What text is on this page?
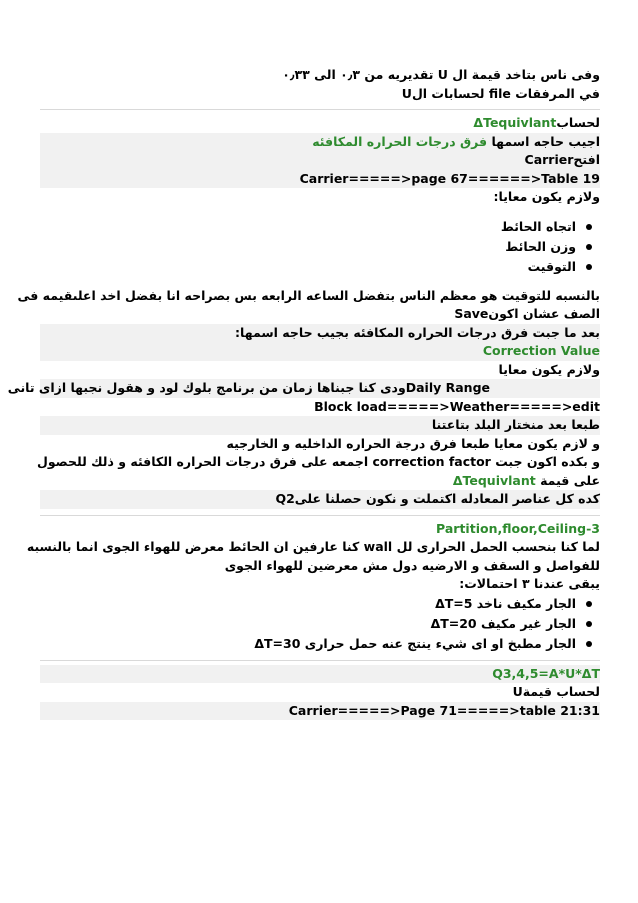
وفى ناس بتاخد قيمة ال U تقديريه من ٠٫٣ الى ٠٫٣٣
في المرفقات file لحسابات الU
لحسابΔTequivlant
اجيب حاجه اسمها فرق درجات الحراره المكافئه
افتحCarrier
Carrier=====>page 67======>Table 19
ولازم يكون معايا:
اتجاه الحائط
وزن الحائط
التوقيت
بالنسبه للتوقيت هو معظم الناس بتفضل الساعه الرابعه بس بصراحه انا بفضل اخد اعلىقيمه فى
الصف عشان اكونSave
بعد ما جبت فرق درجات الحراره المكافئه بجيب حاجه اسمها:
Correction Value
ولازم يكون معايا
Daily Rangeودى كنا جبناها زمان من برنامج بلوك لود و هقول نجبها ازاى تانى
Block load=====>Weather=====>edit
طبعا بعد منختار البلد بتاعتنا
و لازم يكون معايا طبعا فرق درجة الحراره الداخليه و الخارجيه
و بكده اكون جبت correction factor اجمعه على فرق درجات الحراره الكافئه و ذلك للحصول
على قيمة ΔTequivlant
كده كل عناصر المعادله اكتملت و نكون حصلنا علىQ2
3-Partition,floor,Ceiling
لما كنا بنحسب الحمل الحرارى لل wall كنا عارفين ان الحائط معرض للهواء الجوى انما بالنسبه
للفواصل و السقف و الارضيه دول مش معرضين للهواء الجوى
يبقى عندنا ٣ احتمالات:
الجار مكيف ناخد ΔT=5
الجار غير مكيف ΔT=20
الجار مطبخ او اى شيء ينتج عنه حمل حرارى ΔT=30
Q3,4,5=A*U*ΔT
لحساب قيمةU
Carrier=====>Page 71=====>table 21:31
